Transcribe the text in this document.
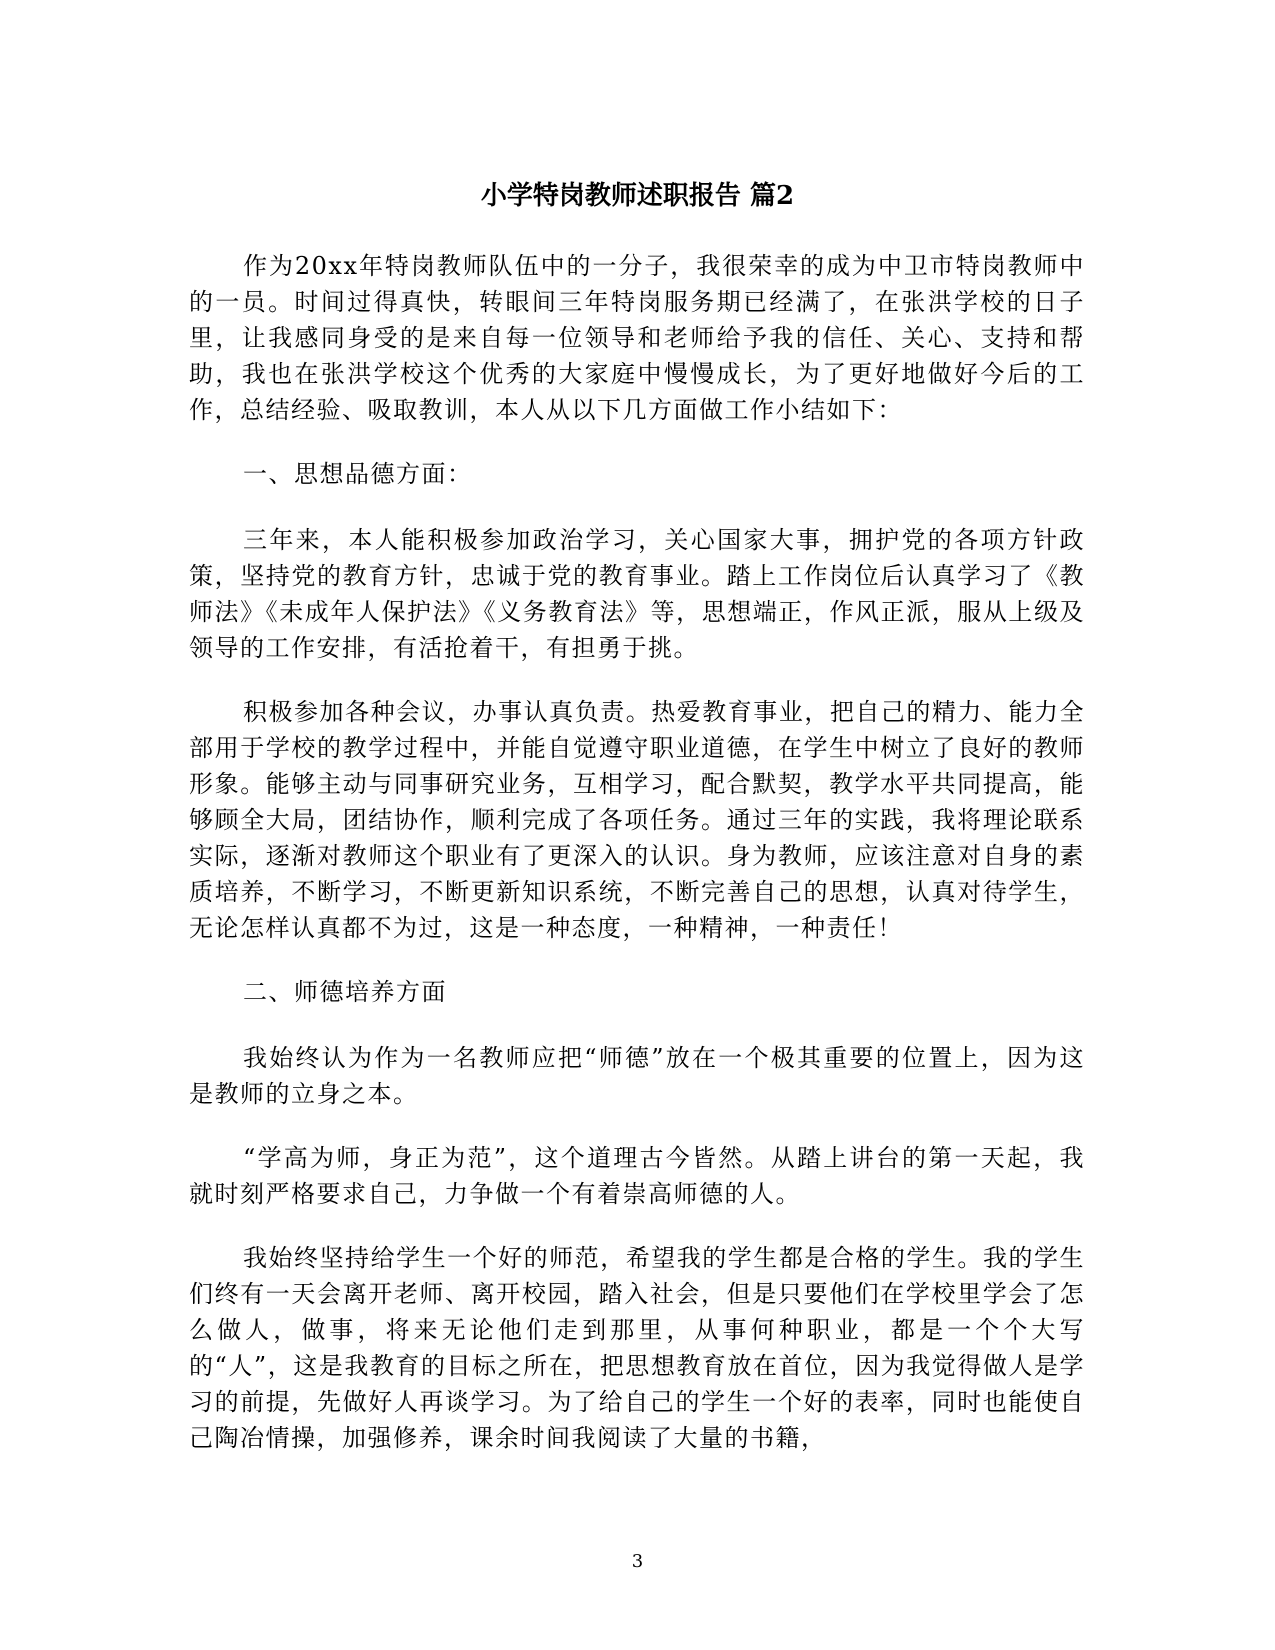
小学特岗教师述职报告 篇2

作为20xx年特岗教师队伍中的一分子，我很荣幸的成为中卫市特岗教师中的一员。时间过得真快，转眼间三年特岗服务期已经满了，在张洪学校的日子里，让我感同身受的是来自每一位领导和老师给予我的信任、关心、支持和帮助，我也在张洪学校这个优秀的大家庭中慢慢成长，为了更好地做好今后的工作，总结经验、吸取教训，本人从以下几方面做工作小结如下：

一、思想品德方面：

三年来，本人能积极参加政治学习，关心国家大事，拥护党的各项方针政策，坚持党的教育方针，忠诚于党的教育事业。踏上工作岗位后认真学习了《教师法》《未成年人保护法》《义务教育法》等，思想端正，作风正派，服从上级及领导的工作安排，有活抢着干，有担勇于挑。

积极参加各种会议，办事认真负责。热爱教育事业，把自己的精力、能力全部用于学校的教学过程中，并能自觉遵守职业道德，在学生中树立了良好的教师形象。能够主动与同事研究业务，互相学习，配合默契，教学水平共同提高，能够顾全大局，团结协作，顺利完成了各项任务。通过三年的实践，我将理论联系实际，逐渐对教师这个职业有了更深入的认识。身为教师，应该注意对自身的素质培养，不断学习，不断更新知识系统，不断完善自己的思想，认真对待学生，无论怎样认真都不为过，这是一种态度，一种精神，一种责任！

二、师德培养方面

我始终认为作为一名教师应把“师德”放在一个极其重要的位置上，因为这是教师的立身之本。

“学高为师，身正为范”，这个道理古今皆然。从踏上讲台的第一天起，我就时刻严格要求自己，力争做一个有着崇高师德的人。

我始终坚持给学生一个好的师范，希望我的学生都是合格的学生。我的学生们终有一天会离开老师、离开校园，踏入社会，但是只要他们在学校里学会了怎么做人，做事，将来无论他们走到那里，从事何种职业，都是一个个大写的“人”，这是我教育的目标之所在，把思想教育放在首位，因为我觉得做人是学习的前提，先做好人再谈学习。为了给自己的学生一个好的表率，同时也能使自己陶冶情操，加强修养，课余时间我阅读了大量的书籍，

3
